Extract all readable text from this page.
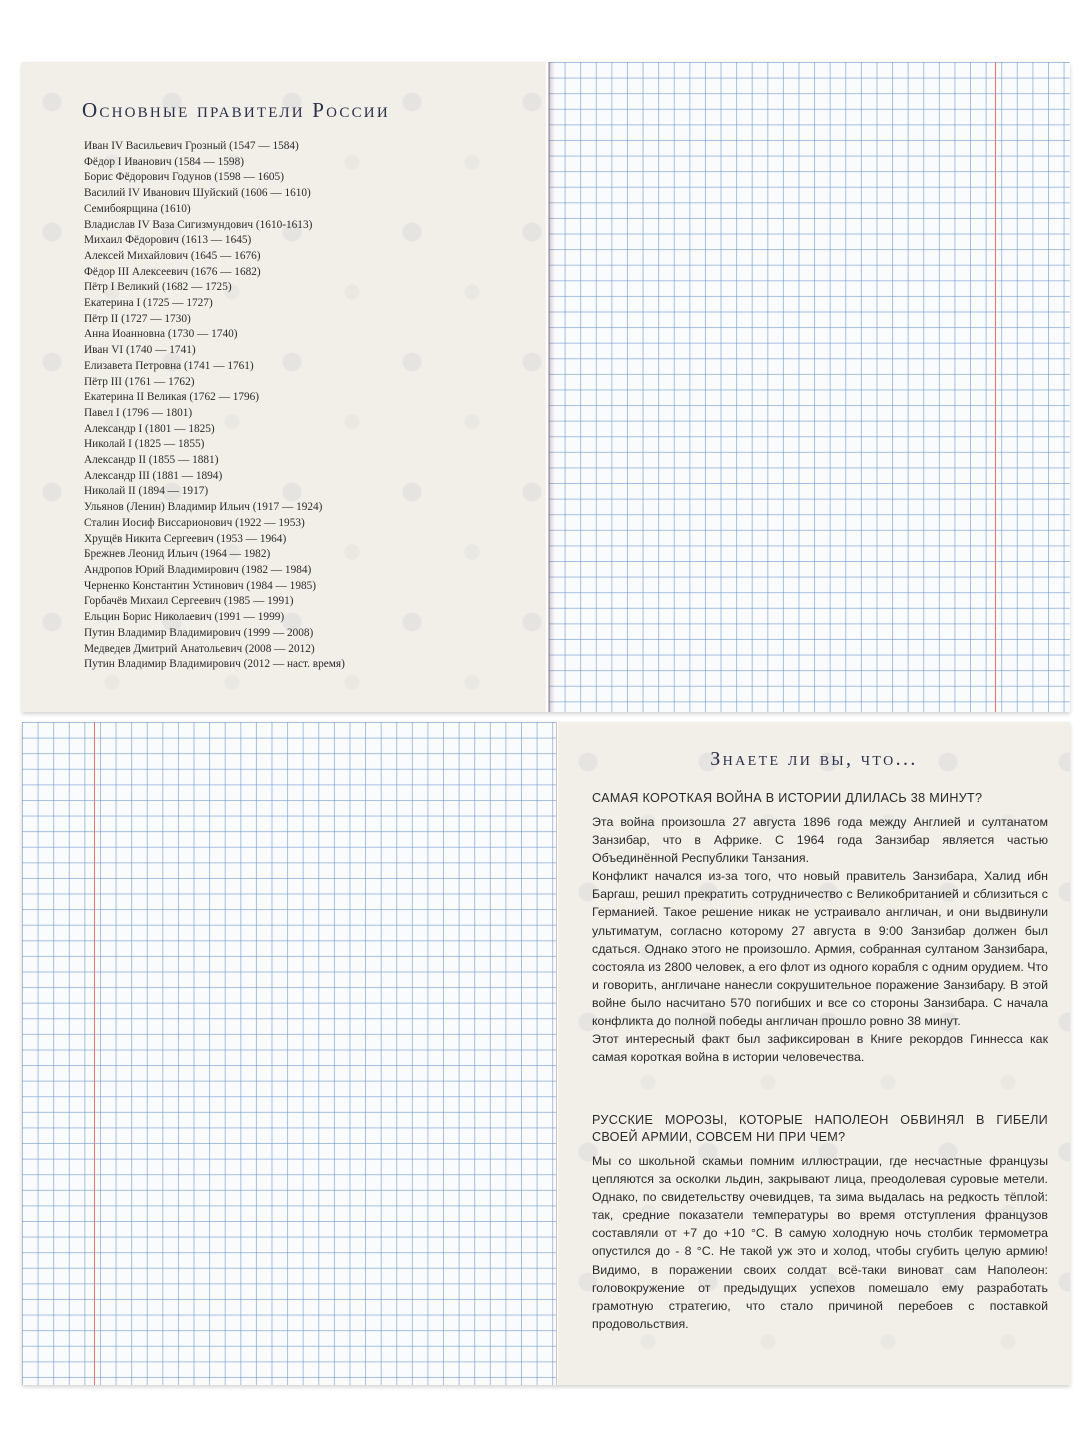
Основные правители России
Иван IV Васильевич Грозный (1547 — 1584)
Фёдор I Иванович (1584 — 1598)
Борис Фёдорович Годунов (1598 — 1605)
Василий IV Иванович Шуйский (1606 — 1610)
Семибоярщина (1610)
Владислав IV Ваза Сигизмундович (1610-1613)
Михаил Фёдорович (1613 — 1645)
Алексей Михайлович (1645 — 1676)
Фёдор III Алексеевич (1676 — 1682)
Пётр I Великий (1682 — 1725)
Екатерина I (1725 — 1727)
Пётр II (1727 — 1730)
Анна Иоанновна (1730 — 1740)
Иван VI (1740 — 1741)
Елизавета Петровна (1741 — 1761)
Пётр III (1761 — 1762)
Екатерина II Великая (1762 — 1796)
Павел I (1796 — 1801)
Александр I (1801 — 1825)
Николай I (1825 — 1855)
Александр II (1855 — 1881)
Александр III (1881 — 1894)
Николай II (1894 — 1917)
Ульянов (Ленин) Владимир Ильич (1917 — 1924)
Сталин Иосиф Виссарионович (1922 — 1953)
Хрущёв Никита Сергеевич (1953 — 1964)
Брежнев Леонид Ильич (1964 — 1982)
Андропов Юрий Владимирович (1982 — 1984)
Черненко Константин Устинович (1984 — 1985)
Горбачёв Михаил Сергеевич (1985 — 1991)
Ельцин Борис Николаевич (1991 — 1999)
Путин Владимир Владимирович (1999 — 2008)
Медведев Дмитрий Анатольевич (2008 — 2012)
Путин Владимир Владимирович (2012 — наст. время)
Знаете ли вы, что...
САМАЯ КОРОТКАЯ ВОЙНА В ИСТОРИИ ДЛИЛАСЬ 38 МИНУТ?

Эта война произошла 27 августа 1896 года между Англией и султанатом Занзибар, что в Африке. С 1964 года Занзибар является частью Объединённой Республики Танзания.

Конфликт начался из-за того, что новый правитель Занзибара, Халид ибн Баргаш, решил прекратить сотрудничество с Великобританией и сблизиться с Германией. Такое решение никак не устраивало англичан, и они выдвинули ультиматум, согласно которому 27 августа в 9:00 Занзибар должен был сдаться. Однако этого не произошло. Армия, собранная султаном Занзибара, состояла из 2800 человек, а его флот из одного корабля с одним орудием. Что и говорить, англичане нанесли сокрушительное поражение Занзибару. В этой войне было насчитано 570 погибших и все со стороны Занзибара. С начала конфликта до полной победы англичан прошло ровно 38 минут.

Этот интересный факт был зафиксирован в Книге рекордов Гиннесса как самая короткая война в истории человечества.

РУССКИЕ МОРОЗЫ, КОТОРЫЕ НАПОЛЕОН ОБВИНЯЛ В ГИБЕЛИ СВОЕЙ АРМИИ, СОВСЕМ НИ ПРИ ЧЕМ?

Мы со школьной скамьи помним иллюстрации, где несчастные французы цепляются за осколки льдин, закрывают лица, преодолевая суровые метели. Однако, по свидетельству очевидцев, та зима выдалась на редкость тёплой: так, средние показатели температуры во время отступления французов составляли от +7 до +10 °С. В самую холодную ночь столбик термометра опустился до - 8 °С. Не такой уж это и холод, чтобы сгубить целую армию! Видимо, в поражении своих солдат всё-таки виноват сам Наполеон: головокружение от предыдущих успехов помешало ему разработать грамотную стратегию, что стало причиной перебоев с поставкой продовольствия.
